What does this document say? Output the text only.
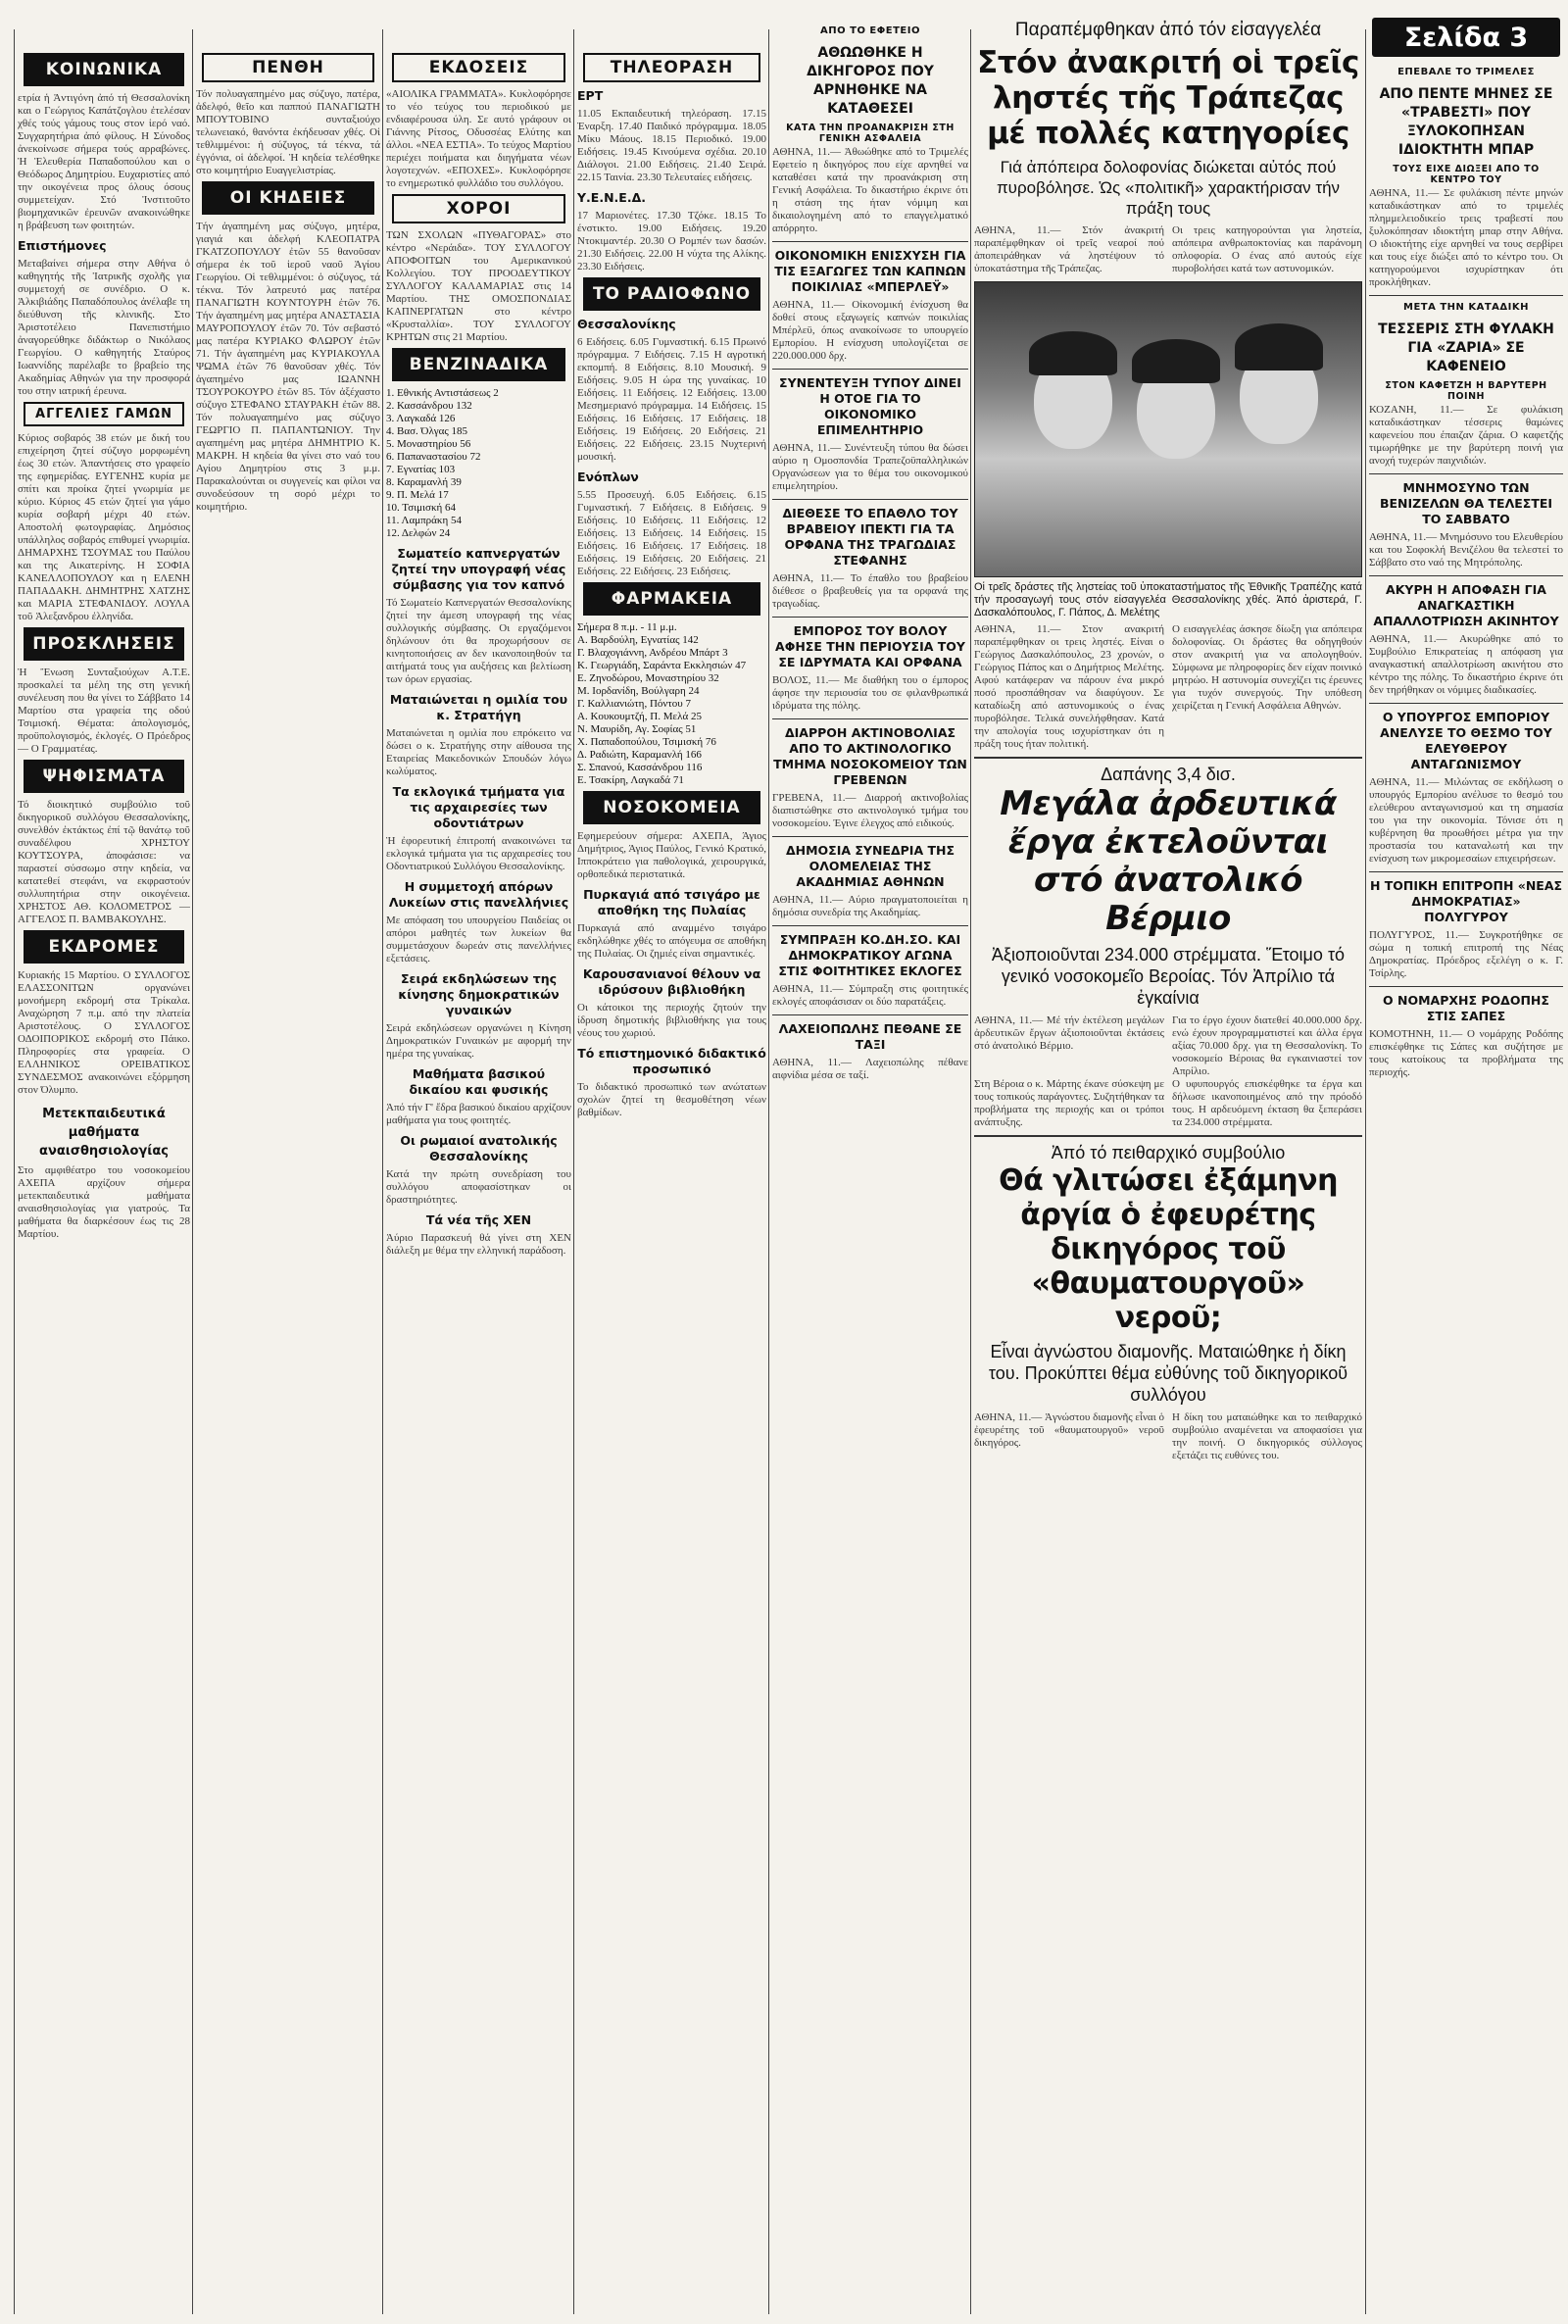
Σελίδα 3
ΚΟΙΝΩΝΙΚΑ
ετρία ἡ Ἀντιγόνη ἀπό τή Θεσσαλονίκη και ο Γεώργιος Καπάτζογλου ἐτελέσαν χθές τούς γάμους τους στον ἱερό ναό. Συγχαρητήρια ἀπό φίλους. Η Σύνοδος ἀνεκοίνωσε σήμερα τούς αρραβώνες. Ἡ Ἑλευθερία Παπαδοπούλου και ο Θεόδωρος Δημητρίου. Ευχαριστίες από την οικογένεια προς όλους όσους συμμετείχαν. Στό Ἰνστιτοῦτο βιομηχανικῶν ἐρευνῶν ανακοινώθηκε η βράβευση των φοιτητών.
Επιστήμονες
Μεταβαίνει σήμερα στην Αθήνα ὁ καθηγητής τῆς Ἰατρικῆς σχολῆς για συμμετοχή σε συνέδριο. Ο κ. Ἀλκιβιάδης Παπαδόπουλος ἀνέλαβε τη διεύθυνση τῆς κλινικῆς. Στο Ἀριστοτέλειο Πανεπιστήμιο ἀναγορεύθηκε διδάκτωρ ο Νικόλαος Γεωργίου. Ο καθηγητής Σταύρος Ιωαννίδης παρέλαβε το βραβείο της Ακαδημίας Αθηνών για την προσφορά του στην ιατρική έρευνα.
ΑΓΓΕΛΙΕΣ ΓΑΜΩΝ
Κύριος σοβαρός 38 ετών με δική του επιχείρηση ζητεί σύζυγο μορφωμένη έως 30 ετών. Ἀπαντήσεις στο γραφείο της εφημερίδας. ΕΥΓΕΝΗΣ κυρία με σπίτι και προίκα ζητεί γνωριμία με κύριο. Κύριος 45 ετών ζητεί για γάμο κυρία σοβαρή μέχρι 40 ετών. Αποστολή φωτογραφίας. Δημόσιος υπάλληλος σοβαρός επιθυμεί γνωριμία. ΔΗΜΑΡΧΗΣ ΤΣΟΥΜΑΣ του Παύλου και της Αικατερίνης. Η ΣΟΦΙΑ ΚΑΝΕΛΛΟΠΟΥΛΟΥ και η ΕΛΕΝΗ ΠΑΠΑΔΑΚΗ. ΔΗΜΗΤΡΗΣ ΧΑΤΖΗΣ και ΜΑΡΙΑ ΣΤΕΦΑΝΙΔΟΥ. ΛΟΥΛΑ τοῦ Ἀλεξανδρου ἐλληνίδα.
ΠΡΟΣΚΛΗΣΕΙΣ
Ἡ Ἔνωση Συνταξιούχων Α.Τ.Ε. προσκαλεί τα μέλη της στη γενική συνέλευση που θα γίνει το Σάββατο 14 Μαρτίου στα γραφεία της οδού Τσιμισκή. Θέματα: ἀπολογισμός, προϋπολογισμός, ἐκλογές. Ο Πρόεδρος — Ο Γραμματέας.
ΨΗΦΙΣΜΑΤΑ
Τό διοικητικό συμβούλιο τοῦ δικηγορικοῦ συλλόγου Θεσσαλονίκης, συνελθόν ἐκτάκτως ἐπί τῷ θανάτῳ τοῦ συναδέλφου ΧΡΗΣΤΟΥ ΚΟΥΤΣΟΥΡΑ, ἀποφάσισε: να παραστεί σύσσωμο στην κηδεία, να κατατεθεί στεφάνι, να εκφραστούν συλλυπητήρια στην οικογένεια. ΧΡΗΣΤΟΣ ΑΘ. ΚΟΛΟΜΕΤΡΟΣ — ΑΓΓΕΛΟΣ Π. ΒΑΜΒΑΚΟΥΛΗΣ.
ΕΚΔΡΟΜΕΣ
Κυριακής 15 Μαρτίου. Ο ΣΥΛΛΟΓΟΣ ΕΛΑΣΣΟΝΙΤΩΝ οργανώνει μονοήμερη εκδρομή στα Τρίκαλα. Αναχώρηση 7 π.μ. από την πλατεία Αριστοτέλους. Ο ΣΥΛΛΟΓΟΣ ΟΔΟΙΠΟΡΙΚΟΣ εκδρομή στο Πάικο. Πληροφορίες στα γραφεία. Ο ΕΛΛΗΝΙΚΟΣ ΟΡΕΙΒΑΤΙΚΟΣ ΣΥΝΔΕΣΜΟΣ ανακοινώνει εξόρμηση στον Όλυμπο.
Μετεκπαιδευτικά μαθήματα αναισθησιολογίας
Στο αμφιθέατρο του νοσοκομείου ΑΧΕΠΑ αρχίζουν σήμερα μετεκπαιδευτικά μαθήματα αναισθησιολογίας για γιατρούς. Τα μαθήματα θα διαρκέσουν έως τις 28 Μαρτίου.
ΠΕΝΘΗ
Τόν πολυαγαπημένο μας σύζυγο, πατέρα, ἀδελφό, θεῖο και παππού ΠΑΝΑΓΙΩΤΗ ΜΠΟΥΤΟΒΙΝΟ συνταξιούχο τελωνειακό, θανόντα ἐκήδευσαν χθές. Οἱ τεθλιμμένοι: ἡ σύζυγος, τά τέκνα, τά ἐγγόνια, οἱ ἀδελφοί. Ἡ κηδεία τελέσθηκε στο κοιμητήριο Ευαγγελιστρίας.
ΟΙ ΚΗΔΕΙΕΣ
Τήν ἀγαπημένη μας σύζυγο, μητέρα, γιαγιά και ἀδελφή ΚΛΕΟΠΑΤΡΑ ΓΚΑΤΖΟΠΟΥΛΟΥ ἐτῶν 55 θανοῦσαν σήμερα ἐκ τοῦ ἱεροῦ ναοῦ Ἁγίου Γεωργίου. Οἱ τεθλιμμένοι: ὁ σύζυγος, τά τέκνα. Τόν λατρευτό μας πατέρα ΠΑΝΑΓΙΩΤΗ ΚΟΥΝΤΟΥΡΗ ἐτῶν 76. Τήν ἀγαπημένη μας μητέρα ΑΝΑΣΤΑΣΙΑ ΜΑΥΡΟΠΟΥΛΟΥ ἐτῶν 70. Τόν σεβαστό μας πατέρα ΚΥΡΙΑΚΟ ΦΛΩΡΟΥ ἐτῶν 71. Τήν ἀγαπημένη μας ΚΥΡΙΑΚΟΥΛΑ ΨΩΜΑ ἐτῶν 76 θανοῦσαν χθές. Τόν ἀγαπημένο μας ΙΩΑΝΝΗ ΤΣΟΥΡΟΚΟΥΡΟ ἐτῶν 85. Τόν ἀξέχαστο σύζυγο ΣΤΕΦΑΝΟ ΣΤΑΥΡΑΚΗ ἐτῶν 88. Τόν πολυαγαπημένο μας σύζυγο ΓΕΩΡΓΙΟ Π. ΠΑΠΑΝΤΩΝΙΟΥ. Την αγαπημένη μας μητέρα ΔΗΜΗΤΡΙΟ Κ. ΜΑΚΡΗ. Η κηδεία θα γίνει στο ναό του Αγίου Δημητρίου στις 3 μ.μ. Παρακαλούνται οι συγγενείς και φίλοι να συνοδεύσουν τη σορό μέχρι το κοιμητήριο.
ΕΚΔΟΣΕΙΣ
«ΑΙΟΛΙΚΑ ΓΡΑΜΜΑΤΑ». Κυκλοφόρησε το νέο τεύχος του περιοδικού με ενδιαφέρουσα ύλη. Σε αυτό γράφουν οι Γιάννης Ρίτσος, Οδυσσέας Ελύτης και άλλοι. «ΝΕΑ ΕΣΤΙΑ». Το τεύχος Μαρτίου περιέχει ποιήματα και διηγήματα νέων λογοτεχνών. «ΕΠΟΧΕΣ». Κυκλοφόρησε το ενημερωτικό φυλλάδιο του συλλόγου.
ΧΟΡΟΙ
ΤΩΝ ΣΧΟΛΩΝ «ΠΥΘΑΓΟΡΑΣ» στο κέντρο «Νεράιδα». ΤΟΥ ΣΥΛΛΟΓΟΥ ΑΠΟΦΟΙΤΩΝ του Αμερικανικού Κολλεγίου. ΤΟΥ ΠΡΟΟΔΕΥΤΙΚΟΥ ΣΥΛΛΟΓΟΥ ΚΑΛΑΜΑΡΙΑΣ στις 14 Μαρτίου. ΤΗΣ ΟΜΟΣΠΟΝΔΙΑΣ ΚΑΠΝΕΡΓΑΤΩΝ στο κέντρο «Κρυσταλλία». ΤΟΥ ΣΥΛΛΟΓΟΥ ΚΡΗΤΩΝ στις 21 Μαρτίου.
ΒΕΝΖΙΝΑΔΙΚΑ
1. Εθνικής Αντιστάσεως 2
2. Κασσάνδρου 132
3. Λαγκαδά 126
4. Βασ. Όλγας 185
5. Μοναστηρίου 56
6. Παπαναστασίου 72
7. Εγνατίας 103
8. Καραμανλή 39
9. Π. Μελά 17
10. Τσιμισκή 64
11. Λαμπράκη 54
12. Δελφών 24
Σωματείο καπνεργατών ζητεί την υπογραφή νέας σύμβασης για τον καπνό
Τό Σωματείο Καπνεργατών Θεσσαλονίκης ζητεί την άμεση υπογραφή της νέας συλλογικής σύμβασης. Οι εργαζόμενοι δηλώνουν ότι θα προχωρήσουν σε κινητοποιήσεις αν δεν ικανοποιηθούν τα αιτήματά τους για αυξήσεις και βελτίωση των όρων εργασίας.
Ματαιώνεται η ομιλία του κ. Στρατήγη
Ματαιώνεται η ομιλία που επρόκειτο να δώσει ο κ. Στρατήγης στην αίθουσα της Εταιρείας Μακεδονικών Σπουδών λόγω κωλύματος.
Τα εκλογικά τμήματα για τις αρχαιρεσίες των οδοντιάτρων
Ἡ ἐφορευτική ἐπιτροπή ανακοινώνει τα εκλογικά τμήματα για τις αρχαιρεσίες του Οδοντιατρικού Συλλόγου Θεσσαλονίκης.
Η συμμετοχή απόρων Λυκείων στις πανελλήνιες
Με απόφαση του υπουργείου Παιδείας οι απόροι μαθητές των λυκείων θα συμμετάσχουν δωρεάν στις πανελλήνιες εξετάσεις.
Σειρά εκδηλώσεων της κίνησης δημοκρατικών γυναικών
Σειρά εκδηλώσεων οργανώνει η Κίνηση Δημοκρατικών Γυναικών με αφορμή την ημέρα της γυναίκας.
Μαθήματα βασικού δικαίου και φυσικής
Ἀπό τήν Γ' ἔδρα βασικού δικαίου αρχίζουν μαθήματα για τους φοιτητές.
Οι ρωμαιοί ανατολικής Θεσσαλονίκης
Κατά την πρώτη συνεδρίαση του συλλόγου αποφασίστηκαν οι δραστηριότητες.
Τά νέα τῆς ΧΕΝ
Ἀύριο Παρασκευή θά γίνει στη ΧΕΝ διάλεξη με θέμα την ελληνική παράδοση.
ΤΗΛΕΟΡΑΣΗ
ΕΡΤ
11.05 Εκπαιδευτική τηλεόραση. 17.15 Έναρξη. 17.40 Παιδικό πρόγραμμα. 18.05 Μίκυ Μάους. 18.15 Περιοδικό. 19.00 Ειδήσεις. 19.45 Κινούμενα σχέδια. 20.10 Διάλογοι. 21.00 Ειδήσεις. 21.40 Σειρά. 22.15 Ταινία. 23.30 Τελευταίες ειδήσεις.
Υ.Ε.Ν.Ε.Δ.
17 Μαριονέτες. 17.30 Τζόκε. 18.15 Το ένστικτο. 19.00 Ειδήσεις. 19.20 Ντοκιμαντέρ. 20.30 Ο Ρομπέν των δασών. 21.30 Ειδήσεις. 22.00 Η νύχτα της Αλίκης. 23.30 Ειδήσεις.
ΤΟ ΡΑΔΙΟΦΩΝΟ
Θεσσαλονίκης
6 Ειδήσεις. 6.05 Γυμναστική. 6.15 Πρωινό πρόγραμμα. 7 Ειδήσεις. 7.15 Η αγροτική εκπομπή. 8 Ειδήσεις. 8.10 Μουσική. 9 Ειδήσεις. 9.05 Η ώρα της γυναίκας. 10 Ειδήσεις. 11 Ειδήσεις. 12 Ειδήσεις. 13.00 Μεσημεριανό πρόγραμμα. 14 Ειδήσεις. 15 Ειδήσεις. 16 Ειδήσεις. 17 Ειδήσεις. 18 Ειδήσεις. 19 Ειδήσεις. 20 Ειδήσεις. 21 Ειδήσεις. 22 Ειδήσεις. 23.15 Νυχτερινή μουσική.
Ενόπλων
5.55 Προσευχή. 6.05 Ειδήσεις. 6.15 Γυμναστική. 7 Ειδήσεις. 8 Ειδήσεις. 9 Ειδήσεις. 10 Ειδήσεις. 11 Ειδήσεις. 12 Ειδήσεις. 13 Ειδήσεις. 14 Ειδήσεις. 15 Ειδήσεις. 16 Ειδήσεις. 17 Ειδήσεις. 18 Ειδήσεις. 19 Ειδήσεις. 20 Ειδήσεις. 21 Ειδήσεις. 22 Ειδήσεις. 23 Ειδήσεις.
ΦΑΡΜΑΚΕΙΑ
Σήμερα 8 π.μ. - 11 μ.μ.
Α. Βαρδούλη, Εγνατίας 142
Γ. Βλαχογιάννη, Ανδρέου Μπάρτ 3
Κ. Γεωργιάδη, Σαράντα Εκκλησιών 47
Ε. Ζηνοδώρου, Μοναστηρίου 32
Μ. Ιορδανίδη, Βούλγαρη 24
Γ. Καλλιανιώτη, Πόντου 7
Α. Κουκουμτζή, Π. Μελά 25
Ν. Μαυρίδη, Αγ. Σοφίας 51
Χ. Παπαδοπούλου, Τσιμισκή 76
Δ. Ραδιώτη, Καραμανλή 166
Σ. Σπανού, Κασσάνδρου 116
Ε. Τσακίρη, Λαγκαδά 71
ΝΟΣΟΚΟΜΕΙΑ
Εφημερεύουν σήμερα: ΑΧΕΠΑ, Άγιος Δημήτριος, Άγιος Παύλος, Γενικό Κρατικό, Ιπποκράτειο για παθολογικά, χειρουργικά, ορθοπεδικά περιστατικά.
Πυρκαγιά από τσιγάρο με αποθήκη της Πυλαίας
Πυρκαγιά από αναμμένο τσιγάρο εκδηλώθηκε χθές το απόγευμα σε αποθήκη της Πυλαίας. Οι ζημιές είναι σημαντικές.
Καρουσανιανοί θέλουν να ιδρύσουν βιβλιοθήκη
Οι κάτοικοι της περιοχής ζητούν την ίδρυση δημοτικής βιβλιοθήκης για τους νέους του χωριού.
Τό επιστημονικό διδακτικό προσωπικό
Το διδακτικό προσωπικό των ανώτατων σχολών ζητεί τη θεσμοθέτηση νέων βαθμίδων.
ΑΠΟ ΤΟ ΕΦΕΤΕΙΟ
ΑΘΩΩΘΗΚΕ Η ΔΙΚΗΓΟΡΟΣ ΠΟΥ ΑΡΝΗΘΗΚΕ ΝΑ ΚΑΤΑΘΕΣΕΙ
ΚΑΤΑ ΤΗΝ ΠΡΟΑΝΑΚΡΙΣΗ ΣΤΗ ΓΕΝΙΚΗ ΑΣΦΑΛΕΙΑ
ΑΘΗΝΑ, 11.— Ἀθωώθηκε από το Τριμελές Εφετείο η δικηγόρος που είχε αρνηθεί να καταθέσει κατά την προανάκριση στη Γενική Ασφάλεια. Το δικαστήριο έκρινε ότι η στάση της ήταν νόμιμη και δικαιολογημένη από το επαγγελματικό απόρρητο.
ΟΙΚΟΝΟΜΙΚΗ ΕΝΙΣΧΥΣΗ ΓΙΑ ΤΙΣ ΕΞΑΓΩΓΕΣ ΤΩΝ ΚΑΠΝΩΝ ΠΟΙΚΙΛΙΑΣ «ΜΠΕΡΛΕΫ»
ΑΘΗΝΑ, 11.— Οἰκονομική ἐνίσχυση θα δοθεί στους εξαγωγείς καπνών ποικιλίας Μπέρλεϋ, όπως ανακοίνωσε το υπουργείο Εμπορίου. Η ενίσχυση υπολογίζεται σε 220.000.000 δρχ.
ΣΥΝΕΝΤΕΥΞΗ ΤΥΠΟΥ ΔΙΝΕΙ Η ΟΤΟΕ ΓΙΑ ΤΟ ΟΙΚΟΝΟΜΙΚΟ ΕΠΙΜΕΛΗΤΗΡΙΟ
ΑΘΗΝΑ, 11.— Συνέντευξη τύπου θα δώσει αύριο η Ομοσπονδία Τραπεζοϋπαλληλικών Οργανώσεων για το θέμα του οικονομικού επιμελητηρίου.
ΔΙΕΘΕΣΕ ΤΟ ΕΠΑΘΛΟ ΤΟΥ ΒΡΑΒΕΙΟΥ ΙΠΕΚΤΙ ΓΙΑ ΤΑ ΟΡΦΑΝΑ ΤΗΣ ΤΡΑΓΩΔΙΑΣ ΣΤΕΦΑΝΗΣ
ΑΘΗΝΑ, 11.— Το έπαθλο του βραβείου διέθεσε ο βραβευθείς για τα ορφανά της τραγωδίας.
ΕΜΠΟΡΟΣ ΤΟΥ ΒΟΛΟΥ ΑΦΗΣΕ ΤΗΝ ΠΕΡΙΟΥΣΙΑ ΤΟΥ ΣΕ ΙΔΡΥΜΑΤΑ ΚΑΙ ΟΡΦΑΝΑ
ΒΟΛΟΣ, 11.— Με διαθήκη του ο έμπορος άφησε την περιουσία του σε φιλανθρωπικά ιδρύματα της πόλης.
ΔΙΑΡΡΟΗ ΑΚΤΙΝΟΒΟΛΙΑΣ ΑΠΟ ΤΟ ΑΚΤΙΝΟΛΟΓΙΚΟ ΤΜΗΜΑ ΝΟΣΟΚΟΜΕΙΟΥ ΤΩΝ ΓΡΕΒΕΝΩΝ
ΓΡΕΒΕΝΑ, 11.— Διαρροή ακτινοβολίας διαπιστώθηκε στο ακτινολογικό τμήμα του νοσοκομείου. Έγινε έλεγχος από ειδικούς.
ΔΗΜΟΣΙΑ ΣΥΝΕΔΡΙΑ ΤΗΣ ΟΛΟΜΕΛΕΙΑΣ ΤΗΣ ΑΚΑΔΗΜΙΑΣ ΑΘΗΝΩΝ
ΑΘΗΝΑ, 11.— Αύριο πραγματοποιείται η δημόσια συνεδρία της Ακαδημίας.
ΣΥΜΠΡΑΞΗ ΚΟ.ΔΗ.ΣΟ. ΚΑΙ ΔΗΜΟΚΡΑΤΙΚΟΥ ΑΓΩΝΑ ΣΤΙΣ ΦΟΙΤΗΤΙΚΕΣ ΕΚΛΟΓΕΣ
ΑΘΗΝΑ, 11.— Σύμπραξη στις φοιτητικές εκλογές αποφάσισαν οι δύο παρατάξεις.
ΛΑΧΕΙΟΠΩΛΗΣ ΠΕΘΑΝΕ ΣΕ ΤΑΞΙ
ΑΘΗΝΑ, 11.— Λαχειοπώλης πέθανε αιφνίδια μέσα σε ταξί.
Παραπέμφθηκαν ἀπό τόν εἰσαγγελέα
Στόν ἀνακριτή οἱ τρεῖς ληστές τῆς Τράπεζας μέ πολλές κατηγορίες
Γιά ἀπόπειρα δολοφονίας διώκεται αὐτός πού πυροβόλησε. Ὡς «πολιτικῆ» χαρακτήρισαν τήν πράξη τους
ΑΘΗΝΑ, 11.— Στόν ἀνακριτή παραπέμφθηκαν οἱ τρεῖς νεαροί πού ἀποπειράθηκαν νά ληστέψουν τό ὑποκατάστημα τῆς Τράπεζας.
Οι τρεις κατηγορούνται για ληστεία, απόπειρα ανθρωποκτονίας και παράνομη οπλοφορία. Ο ένας από αυτούς είχε πυροβολήσει κατά των αστυνομικών.
Οἱ τρεῖς δράστες τῆς ληστείας τοῦ ὑποκαταστήματος τῆς Ἐθνικῆς Τραπέζης κατά τήν προσαγωγή τους στόν εἰσαγγελέα Θεσσαλονίκης χθές. Ἀπό ἀριστερά, Γ. Δασκαλόπουλος, Γ. Πάπος, Δ. Μελέτης
ΑΘΗΝΑ, 11.— Στον ανακριτή παραπέμφθηκαν οι τρεις ληστές. Είναι ο Γεώργιος Δασκαλόπουλος, 23 χρονών, ο Γεώργιος Πάπος και ο Δημήτριος Μελέτης. Αφού κατάφεραν να πάρουν ένα μικρό ποσό προσπάθησαν να διαφύγουν. Σε καταδίωξη από αστυνομικούς ο ένας πυροβόλησε. Τελικά συνελήφθησαν. Κατά την απολογία τους ισχυρίστηκαν ότι η πράξη τους ήταν πολιτική.
Ο εισαγγελέας άσκησε δίωξη για απόπειρα δολοφονίας. Οι δράστες θα οδηγηθούν στον ανακριτή για να απολογηθούν. Σύμφωνα με πληροφορίες δεν είχαν ποινικό μητρώο. Η αστυνομία συνεχίζει τις έρευνες για τυχόν συνεργούς. Την υπόθεση χειρίζεται η Γενική Ασφάλεια Αθηνών.
Δαπάνης 3,4 δισ.
Μεγάλα ἀρδευτικά ἔργα ἐκτελοῦνται στό ἀνατολικό Βέρμιο
Ἀξιοποιοῦνται 234.000 στρέμματα. Ἕτοιμο τό γενικό νοσοκομεῖο Βεροίας. Τόν Ἀπρίλιο τά ἐγκαίνια
ΑΘΗΝΑ, 11.— Μέ τήν ἐκτέλεση μεγάλων ἀρδευτικῶν ἔργων ἀξιοποιοῦνται ἐκτάσεις στό ἀνατολικό Βέρμιο.
Για το έργο έχουν διατεθεί 40.000.000 δρχ. ενώ έχουν προγραμματιστεί και άλλα έργα αξίας 70.000 δρχ. για τη Θεσσαλονίκη. Το νοσοκομείο Βέροιας θα εγκαινιαστεί τον Απρίλιο.
Στη Βέροια ο κ. Μάρτης έκανε σύσκεψη με τους τοπικούς παράγοντες. Συζητήθηκαν τα προβλήματα της περιοχής και οι τρόποι ανάπτυξης.
Ο υφυπουργός επισκέφθηκε τα έργα και δήλωσε ικανοποιημένος από την πρόοδό τους. Η αρδευόμενη έκταση θα ξεπεράσει τα 234.000 στρέμματα.
Ἀπό τό πειθαρχικό συμβούλιο
Θά γλιτώσει ἐξάμηνη ἀργία ὁ ἐφευρέτης δικηγόρος τοῦ «θαυματουργοῦ» νεροῦ;
Εἶναι ἀγνώστου διαμονῆς. Ματαιώθηκε ἡ δίκη του. Προκύπτει θέμα εὐθύνης τοῦ δικηγορικοῦ συλλόγου
ΑΘΗΝΑ, 11.— Ἀγνώστου διαμονῆς εἶναι ὁ ἐφευρέτης τοῦ «θαυματουργοῦ» νεροῦ δικηγόρος.
Η δίκη του ματαιώθηκε και το πειθαρχικό συμβούλιο αναμένεται να αποφασίσει για την ποινή. Ο δικηγορικός σύλλογος εξετάζει τις ευθύνες του.
ΕΠΕΒΑΛΕ ΤΟ ΤΡΙΜΕΛΕΣ
ΑΠΟ ΠΕΝΤΕ ΜΗΝΕΣ ΣΕ «ΤΡΑΒΕΣΤΙ» ΠΟΥ ΞΥΛΟΚΟΠΗΣΑΝ ΙΔΙΟΚΤΗΤΗ ΜΠΑΡ
ΤΟΥΣ ΕΙΧΕ ΔΙΩΞΕΙ ΑΠΟ ΤΟ ΚΕΝΤΡΟ ΤΟΥ
ΑΘΗΝΑ, 11.— Σε φυλάκιση πέντε μηνών καταδικάστηκαν από το τριμελές πλημμελειοδικείο τρεις τραβεστί που ξυλοκόπησαν ιδιοκτήτη μπαρ στην Αθήνα. Ο ιδιοκτήτης είχε αρνηθεί να τους σερβίρει και τους είχε διώξει από το κέντρο του. Οι κατηγορούμενοι ισχυρίστηκαν ότι προκλήθηκαν.
ΜΕΤΑ ΤΗΝ ΚΑΤΑΔΙΚΗ
ΤΕΣΣΕΡΙΣ ΣΤΗ ΦΥΛΑΚΗ ΓΙΑ «ΖΑΡΙΑ» ΣΕ ΚΑΦΕΝΕΙΟ
ΣΤΟΝ ΚΑΦΕΤΖΗ Η ΒΑΡΥΤΕΡΗ ΠΟΙΝΗ
ΚΟΖΑΝΗ, 11.— Σε φυλάκιση καταδικάστηκαν τέσσερις θαμώνες καφενείου που έπαιζαν ζάρια. Ο καφετζής τιμωρήθηκε με την βαρύτερη ποινή για ανοχή τυχερών παιχνιδιών.
ΜΝΗΜΟΣΥΝΟ ΤΩΝ ΒΕΝΙΖΕΛΩΝ ΘΑ ΤΕΛΕΣΤΕΙ ΤΟ ΣΑΒΒΑΤΟ
ΑΘΗΝΑ, 11.— Μνημόσυνο του Ελευθερίου και του Σοφοκλή Βενιζέλου θα τελεστεί το Σάββατο στο ναό της Μητρόπολης.
ΑΚΥΡΗ Η ΑΠΟΦΑΣΗ ΓΙΑ ΑΝΑΓΚΑΣΤΙΚΗ ΑΠΑΛΛΟΤΡΙΩΣΗ ΑΚΙΝΗΤΟΥ
ΑΘΗΝΑ, 11.— Ακυρώθηκε από το Συμβούλιο Επικρατείας η απόφαση για αναγκαστική απαλλοτρίωση ακινήτου στο κέντρο της πόλης. Το δικαστήριο έκρινε ότι δεν τηρήθηκαν οι νόμιμες διαδικασίες.
Ο ΥΠΟΥΡΓΟΣ ΕΜΠΟΡΙΟΥ ΑΝΕΛΥΣΕ ΤΟ ΘΕΣΜΟ ΤΟΥ ΕΛΕΥΘΕΡΟΥ ΑΝΤΑΓΩΝΙΣΜΟΥ
ΑΘΗΝΑ, 11.— Μιλώντας σε εκδήλωση ο υπουργός Εμπορίου ανέλυσε το θεσμό του ελεύθερου ανταγωνισμού και τη σημασία του για την οικονομία. Τόνισε ότι η κυβέρνηση θα προωθήσει μέτρα για την προστασία του καταναλωτή και την ενίσχυση των μικρομεσαίων επιχειρήσεων.
Η ΤΟΠΙΚΗ ΕΠΙΤΡΟΠΗ «ΝΕΑΣ ΔΗΜΟΚΡΑΤΙΑΣ» ΠΟΛΥΓΥΡΟΥ
ΠΟΛΥΓΥΡΟΣ, 11.— Συγκροτήθηκε σε σώμα η τοπική επιτροπή της Νέας Δημοκρατίας. Πρόεδρος εξελέγη ο κ. Γ. Τσίρλης.
Ο ΝΟΜΑΡΧΗΣ ΡΟΔΟΠΗΣ ΣΤΙΣ ΣΑΠΕΣ
ΚΟΜΟΤΗΝΗ, 11.— Ο νομάρχης Ροδόπης επισκέφθηκε τις Σάπες και συζήτησε με τους κατοίκους τα προβλήματα της περιοχής.
